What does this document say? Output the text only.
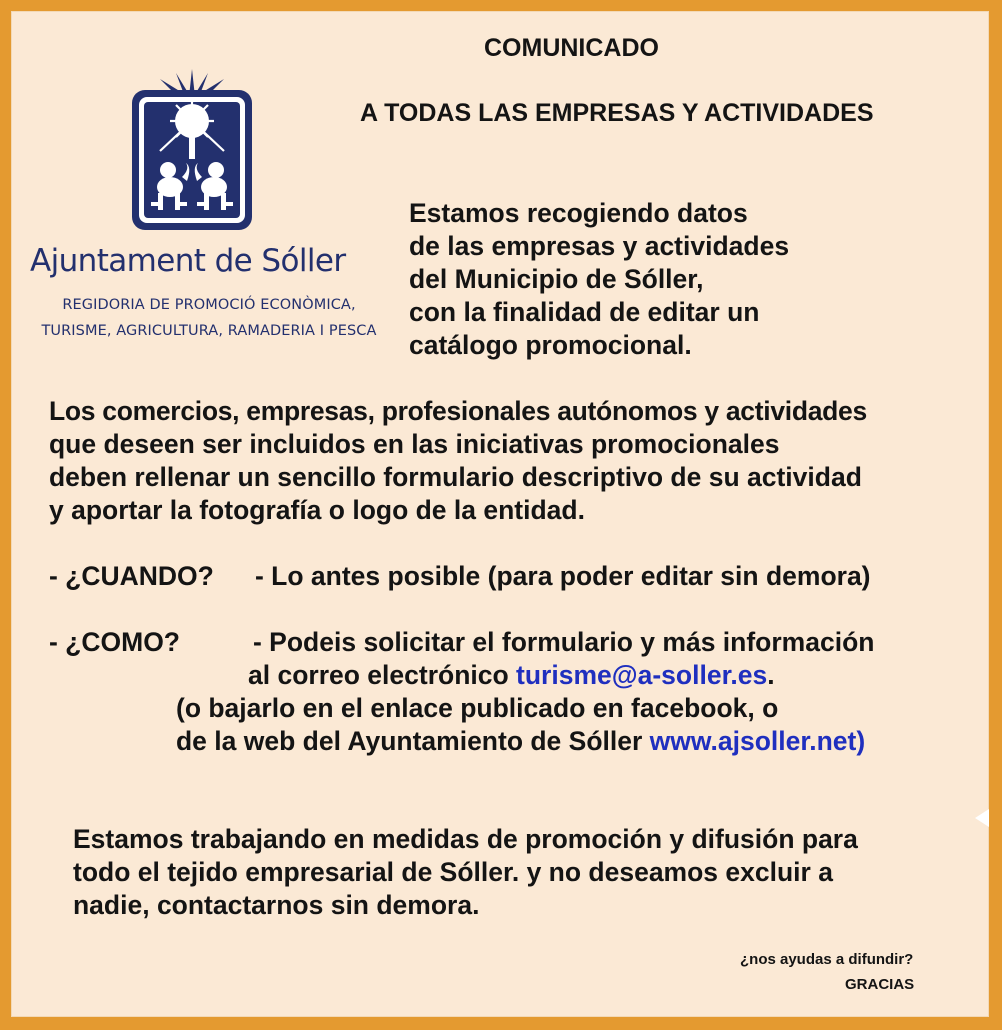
Ajuntament de Sóller
REGIDORIA DE PROMOCIÓ ECONÒMICA,
TURISME, AGRICULTURA, RAMADERIA I PESCA

COMUNICADO

A TODAS LAS EMPRESAS Y ACTIVIDADES

Estamos recogiendo datos

de las empresas y actividades

del Municipio de Sóller,

con la finalidad de editar un

catálogo promocional.

Los comercios, empresas, profesionales autónomos y actividades

que deseen ser incluidos en las iniciativas promocionales

deben rellenar un sencillo formulario descriptivo de su actividad

y aportar la fotografía o logo de la entidad.

- ¿CUANDO? - Lo antes posible (para poder editar sin demora)

- ¿COMO?	- Podeis solicitar el formulario y más información

al correo electrónico turisme@a-soller.es.

(o bajarlo en el enlace publicado en facebook, o

de la web del Ayuntamiento de Sóller www.ajsoller.net)

Estamos trabajando en medidas de promoción y difusión para

todo el tejido empresarial de Sóller. y no deseamos excluir a

nadie, contactarnos sin demora.

¿nos ayudas a difundir?

GRACIAS
